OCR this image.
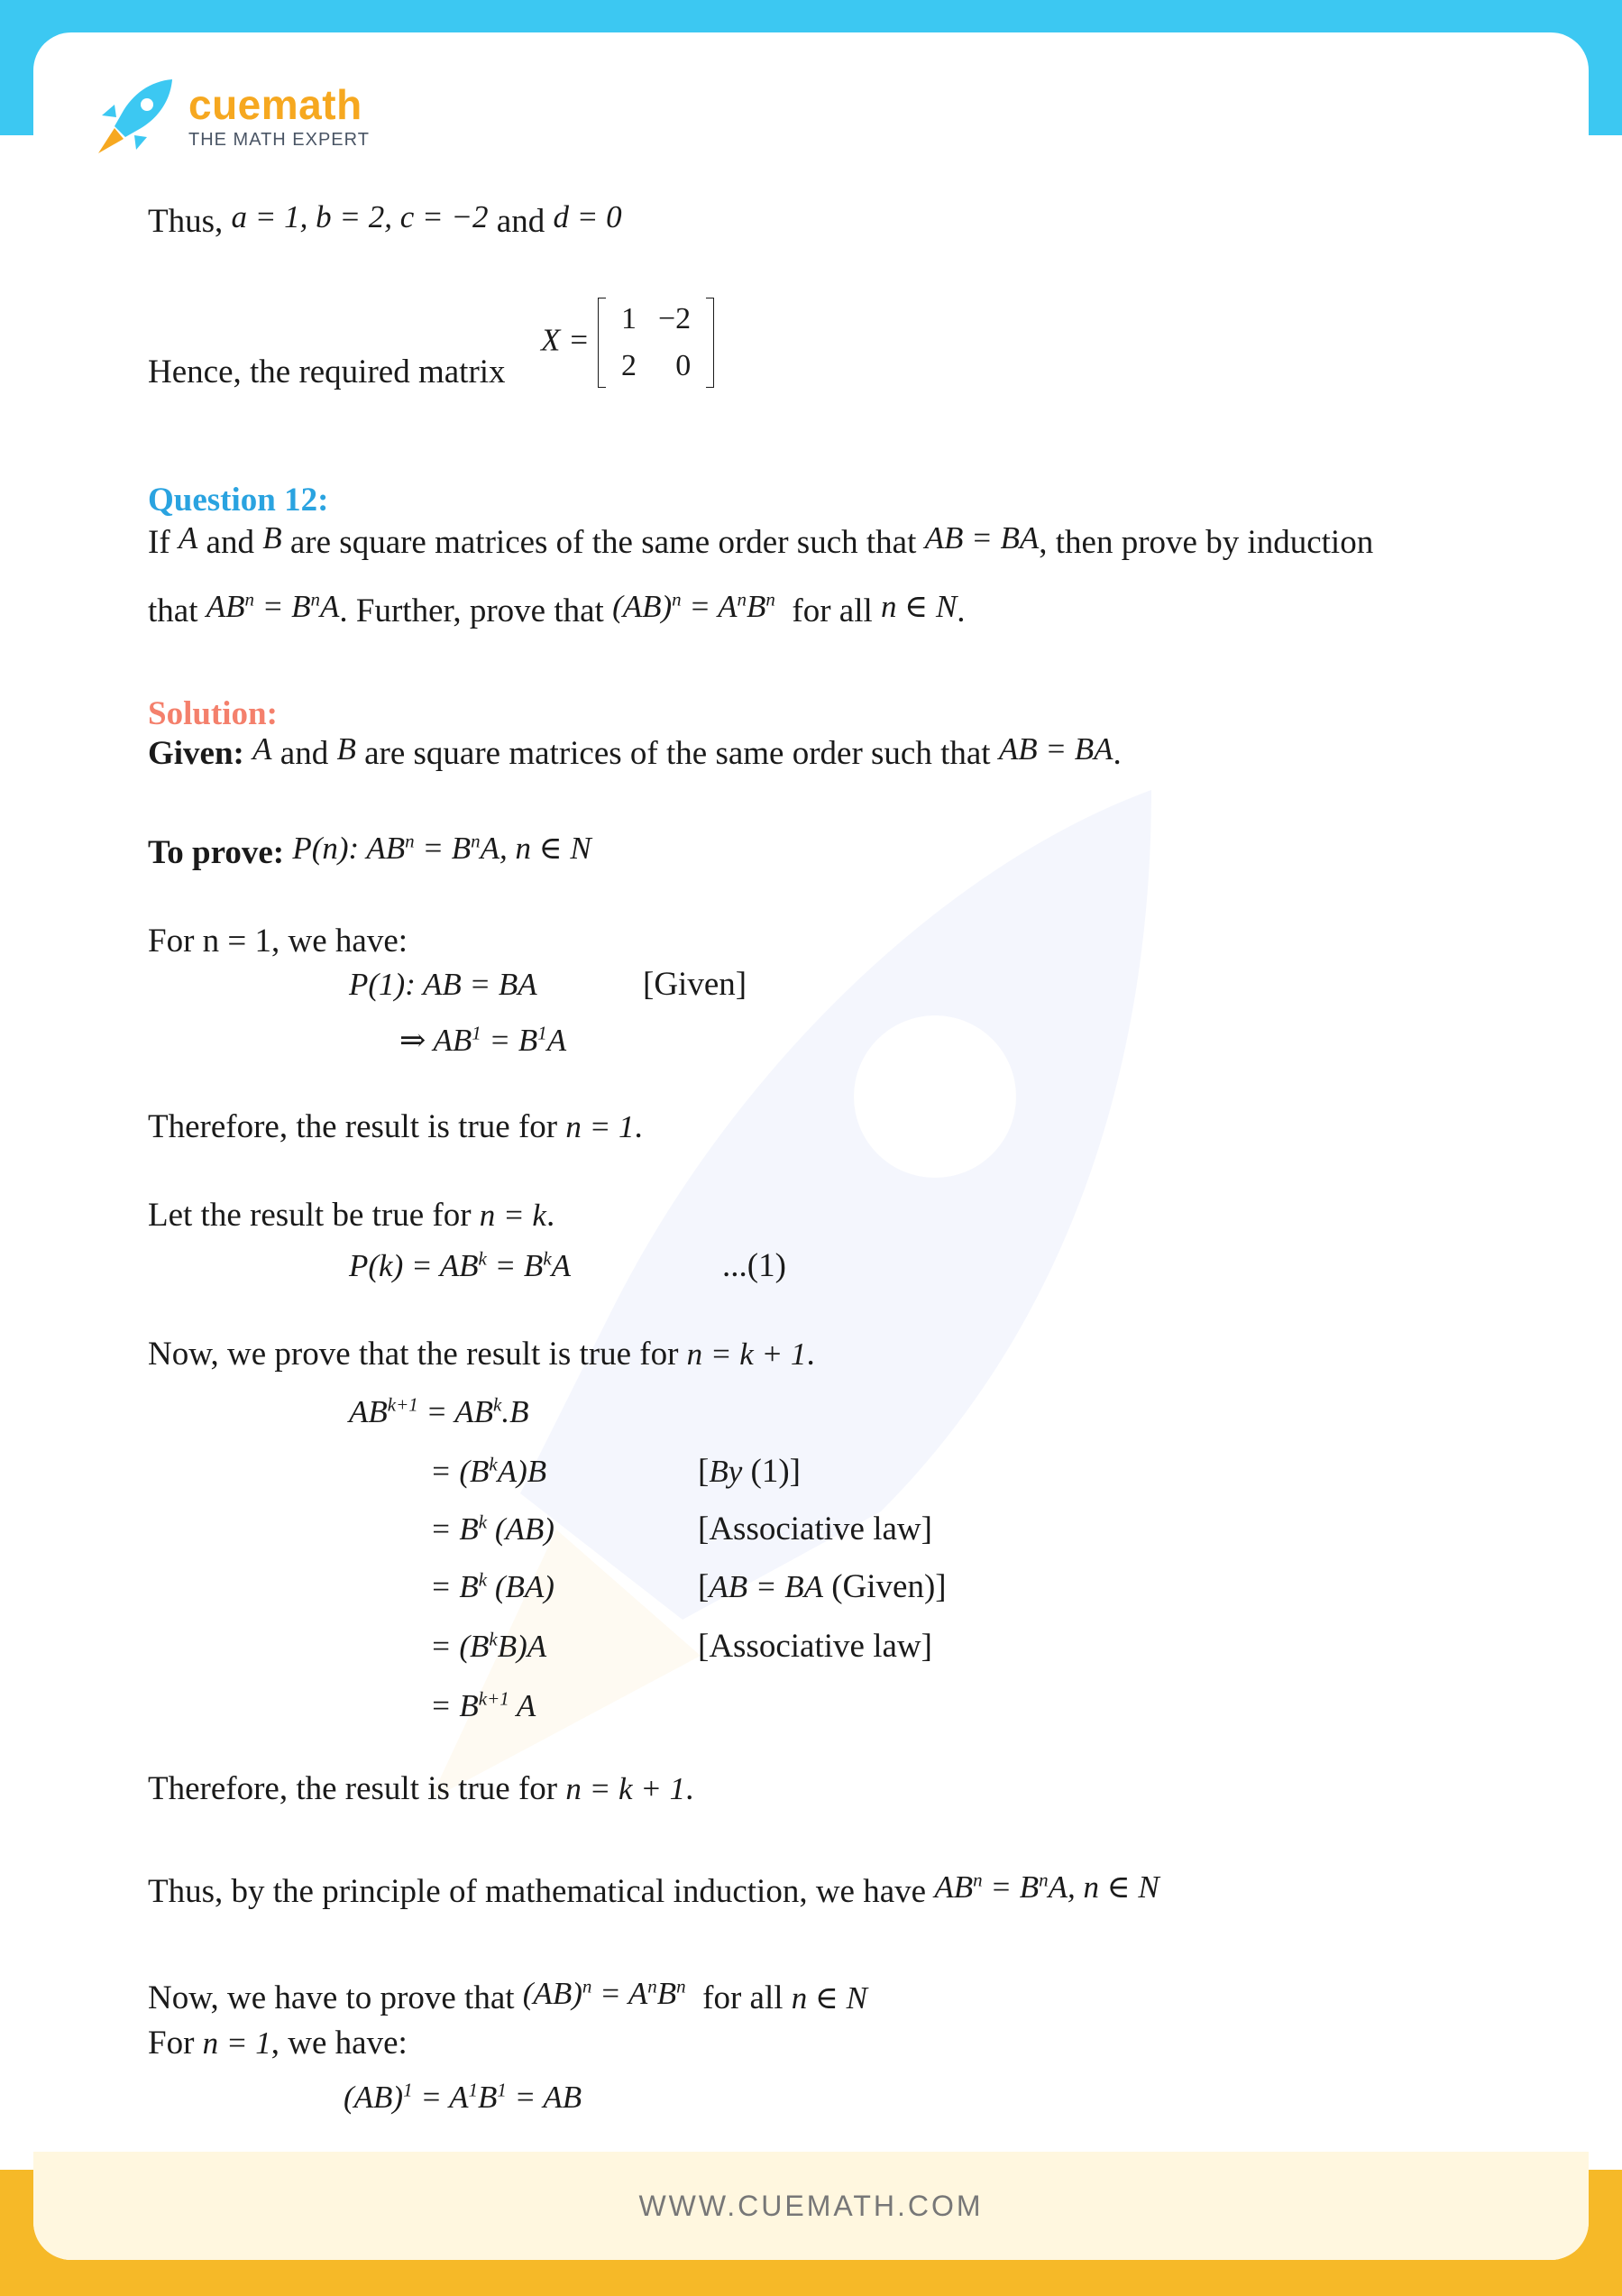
cuemath
THE MATH EXPERT
Thus, a = 1, b = 2, c = −2 and d = 0
Hence, the required matrix
X =
1	−2
2	0
Question 12:
If A and B are square matrices of the same order such that AB = BA, then prove by induction
that $AB^n = B^nA$. Further, prove that $(AB)^n = A^nB^n$ for all n ∈ N.
Solution:
Given: A and B are square matrices of the same order such that AB = BA.
To prove: P(n): $AB^n = B^nA$, n ∈ N
For n = 1, we have:
P(1): AB = BA	[Given]
⇒ $AB^1 = B^1A$
Therefore, the result is true for n = 1.
Let the result be true for n = k.
$P(k) = AB^k = B^kA$	...(1)
Now, we prove that the result is true for n = k + 1.
$AB^{k+1} = AB^k.B$
= $(B^kA)B$	[By (1)]
= $B^k$ (AB)	[Associative law]
= $B^k$ (BA)	[AB = BA (Given)]
= $(B^kB)A$	[Associative law]
= $B^{k+1}$ A
Therefore, the result is true for n = k + 1.
Thus, by the principle of mathematical induction, we have $AB^n = B^nA$, n ∈ N
Now, we have to prove that $(AB)^n = A^nB^n$ for all n ∈ N
For n = 1, we have:
$(AB)^1 = A^1B^1$ = AB
WWW.CUEMATH.COM
